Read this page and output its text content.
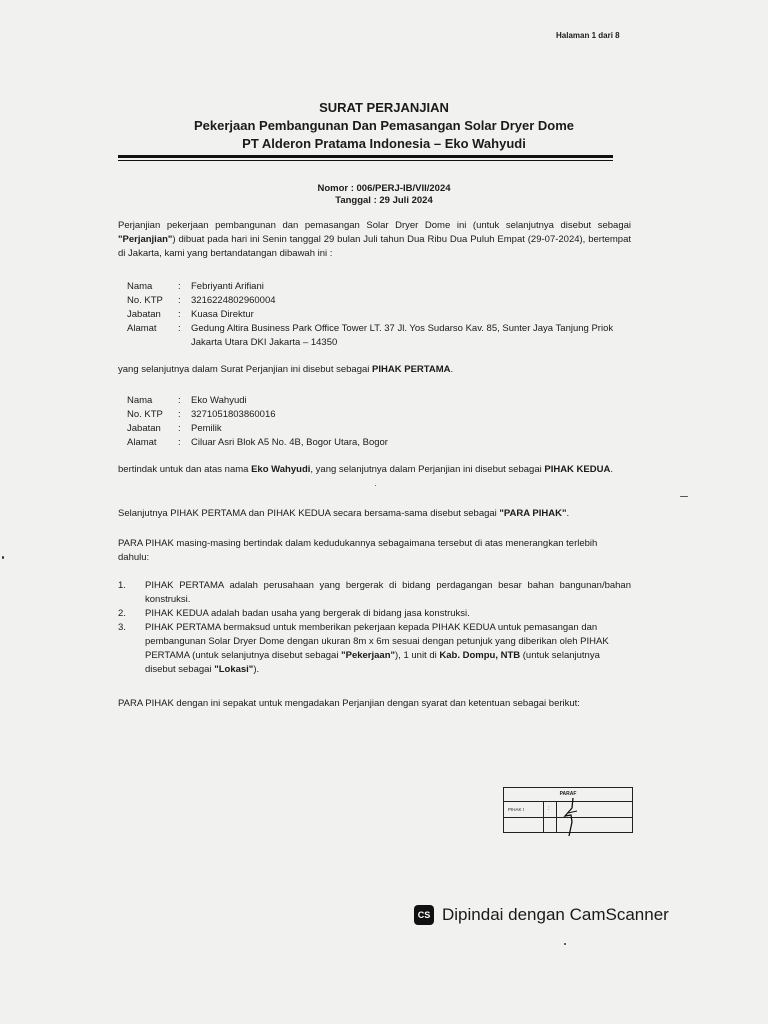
Halaman 1 dari 8
SURAT PERJANJIAN
Pekerjaan Pembangunan Dan Pemasangan Solar Dryer Dome
PT Alderon Pratama Indonesia – Eko Wahyudi
Nomor : 006/PERJ-IB/VII/2024
Tanggal : 29 Juli 2024
Perjanjian pekerjaan pembangunan dan pemasangan Solar Dryer Dome ini (untuk selanjutnya disebut sebagai "Perjanjian") dibuat pada hari ini Senin tanggal 29 bulan Juli tahun Dua Ribu Dua Puluh Empat (29-07-2024), bertempat di Jakarta, kami yang bertandatangan dibawah ini :
Nama	:	Febriyanti Arifiani
No. KTP	:	3216224802960004
Jabatan	:	Kuasa Direktur
Alamat	:	Gedung Altira Business Park Office Tower LT. 37 Jl. Yos Sudarso Kav. 85, Sunter Jaya Tanjung Priok Jakarta Utara DKI Jakarta – 14350
yang selanjutnya dalam Surat Perjanjian ini disebut sebagai PIHAK PERTAMA.
Nama	:	Eko Wahyudi
No. KTP	:	3271051803860016
Jabatan	:	Pemilik
Alamat	:	Ciluar Asri Blok A5 No. 4B, Bogor Utara, Bogor
bertindak untuk dan atas nama Eko Wahyudi, yang selanjutnya dalam Perjanjian ini disebut sebagai PIHAK KEDUA.
Selanjutnya PIHAK PERTAMA dan PIHAK KEDUA secara bersama-sama disebut sebagai "PARA PIHAK".
PARA PIHAK masing-masing bertindak dalam kedudukannya sebagaimana tersebut di atas menerangkan terlebih dahulu:
1. PIHAK PERTAMA adalah perusahaan yang bergerak di bidang perdagangan besar bahan bangunan/bahan konstruksi.
2. PIHAK KEDUA adalah badan usaha yang bergerak di bidang jasa konstruksi.
3. PIHAK PERTAMA bermaksud untuk memberikan pekerjaan kepada PIHAK KEDUA untuk pemasangan dan pembangunan Solar Dryer Dome dengan ukuran 8m x 6m sesuai dengan petunjuk yang diberikan oleh PIHAK PERTAMA (untuk selanjutnya disebut sebagai "Pekerjaan"), 1 unit di Kab. Dompu, NTB (untuk selanjutnya disebut sebagai "Lokasi").
PARA PIHAK dengan ini sepakat untuk mengadakan Perjanjian dengan syarat dan ketentuan sebagai berikut:
PARAF
PIHAK I	:
CS Dipindai dengan CamScanner
